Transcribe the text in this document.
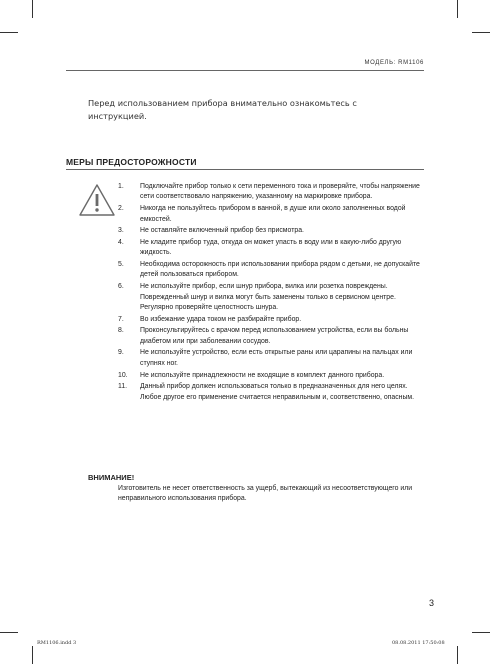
МОДЕЛЬ: RM1106
Перед использованием прибора внимательно ознакомьтесь с инструкцией.
МЕРЫ ПРЕДОСТОРОЖНОСТИ
1.	Подключайте прибор только к сети переменного тока и проверяйте, чтобы напряжение сети соответствовало напряжению, указанному на маркировке прибора.
2.	Никогда не пользуйтесь прибором в ванной, в душе или около заполненных водой емкостей.
3.	Не оставляйте включенный прибор без присмотра.
4.	Не кладите прибор туда, откуда он может упасть в воду или в какую-либо другую жидкость.
5.	Необходима осторожность при использовании прибора рядом с детьми, не допускайте детей пользоваться прибором.
6.	Не используйте прибор, если шнур прибора, вилка или розетка повреждены. Поврежденный шнур и вилка могут быть заменены только в сервисном центре. Регулярно проверяйте целостность шнура.
7.	Во избежание удара током не разбирайте прибор.
8.	Проконсультируйтесь с врачом перед использованием устройства, если вы больны диабетом или при заболевании сосудов.
9.	Не используйте устройство, если есть открытые раны или царапины на пальцах или ступнях ног.
10.	Не используйте принадлежности не входящие в комплект данного прибора.
11.	Данный прибор должен использоваться только в предназначенных для него целях. Любое другое его применение считается неправильным и, соответственно, опасным.
ВНИМАНИЕ!
Изготовитель не несет ответственность за ущерб, вытекающий из несоответствующего или неправильного использования прибора.
3
RM1106.indd 3	08.08.2011 17:50:08
